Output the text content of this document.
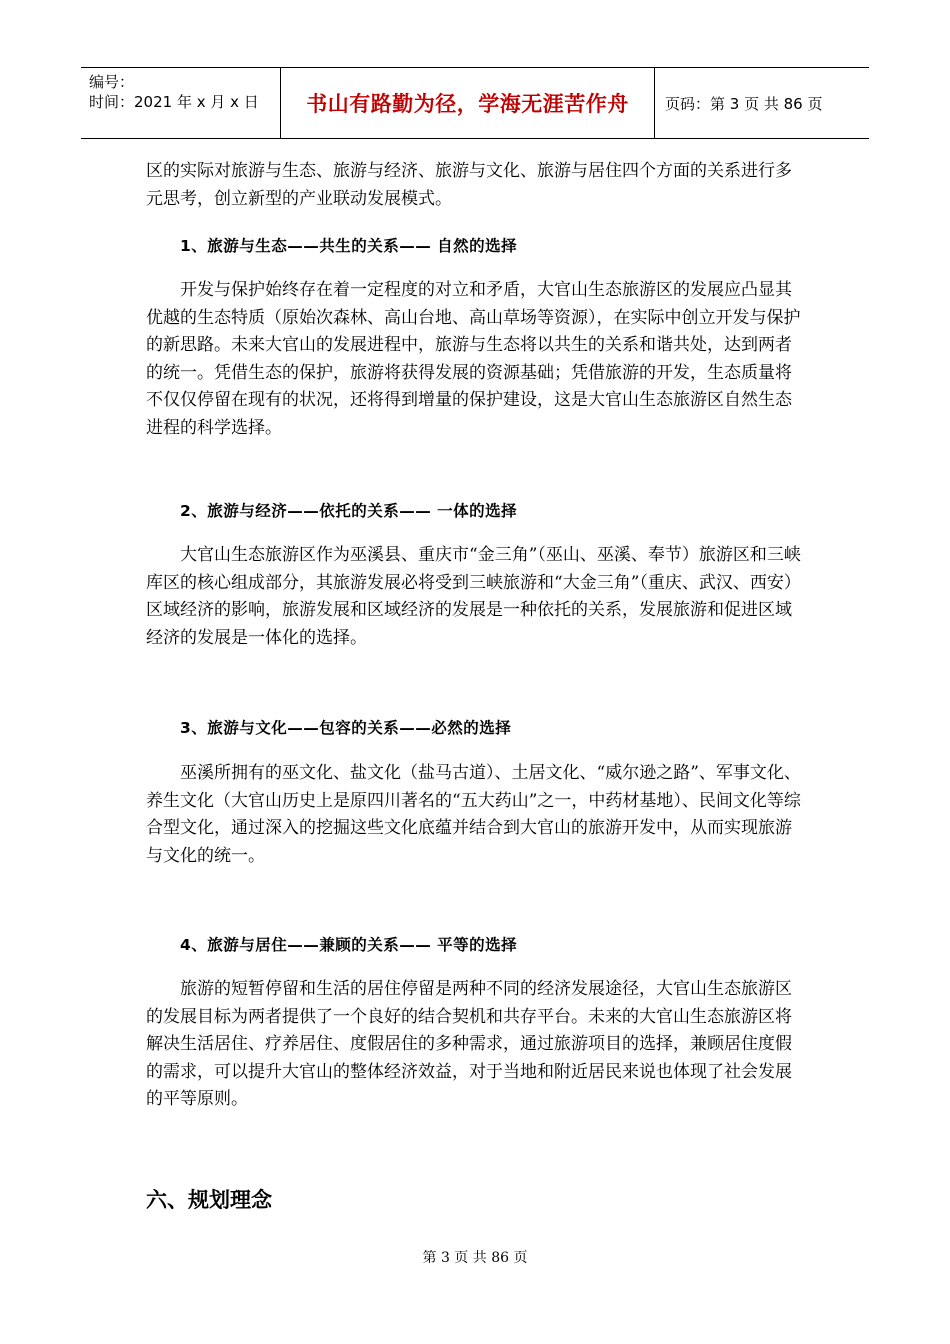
编号：
时间：2021 年 x 月 x 日	书山有路勤为径，学海无涯苦作舟	页码：第 3 页 共 86 页

区的实际对旅游与生态、旅游与经济、旅游与文化、旅游与居住四个方面的关系进行多元思考，创立新型的产业联动发展模式。

1、旅游与生态——共生的关系—— 自然的选择

开发与保护始终存在着一定程度的对立和矛盾，大官山生态旅游区的发展应凸显其优越的生态特质（原始次森林、高山台地、高山草场等资源），在实际中创立开发与保护的新思路。未来大官山的发展进程中，旅游与生态将以共生的关系和谐共处，达到两者的统一。凭借生态的保护，旅游将获得发展的资源基础；凭借旅游的开发，生态质量将不仅仅停留在现有的状况，还将得到增量的保护建设，这是大官山生态旅游区自然生态进程的科学选择。

2、旅游与经济——依托的关系—— 一体的选择

大官山生态旅游区作为巫溪县、重庆市“金三角”（巫山、巫溪、奉节）旅游区和三峡库区的核心组成部分，其旅游发展必将受到三峡旅游和“大金三角”（重庆、武汉、西安）区域经济的影响，旅游发展和区域经济的发展是一种依托的关系，发展旅游和促进区域经济的发展是一体化的选择。

3、旅游与文化——包容的关系——必然的选择

巫溪所拥有的巫文化、盐文化（盐马古道）、土居文化、“威尔逊之路”、军事文化、养生文化（大官山历史上是原四川著名的“五大药山”之一，中药材基地）、民间文化等综合型文化，通过深入的挖掘这些文化底蕴并结合到大官山的旅游开发中，从而实现旅游与文化的统一。

4、旅游与居住——兼顾的关系—— 平等的选择

旅游的短暂停留和生活的居住停留是两种不同的经济发展途径，大官山生态旅游区的发展目标为两者提供了一个良好的结合契机和共存平台。未来的大官山生态旅游区将解决生活居住、疗养居住、度假居住的多种需求，通过旅游项目的选择，兼顾居住度假的需求，可以提升大官山的整体经济效益，对于当地和附近居民来说也体现了社会发展的平等原则。

六、规划理念
第 3 页 共 86 页
